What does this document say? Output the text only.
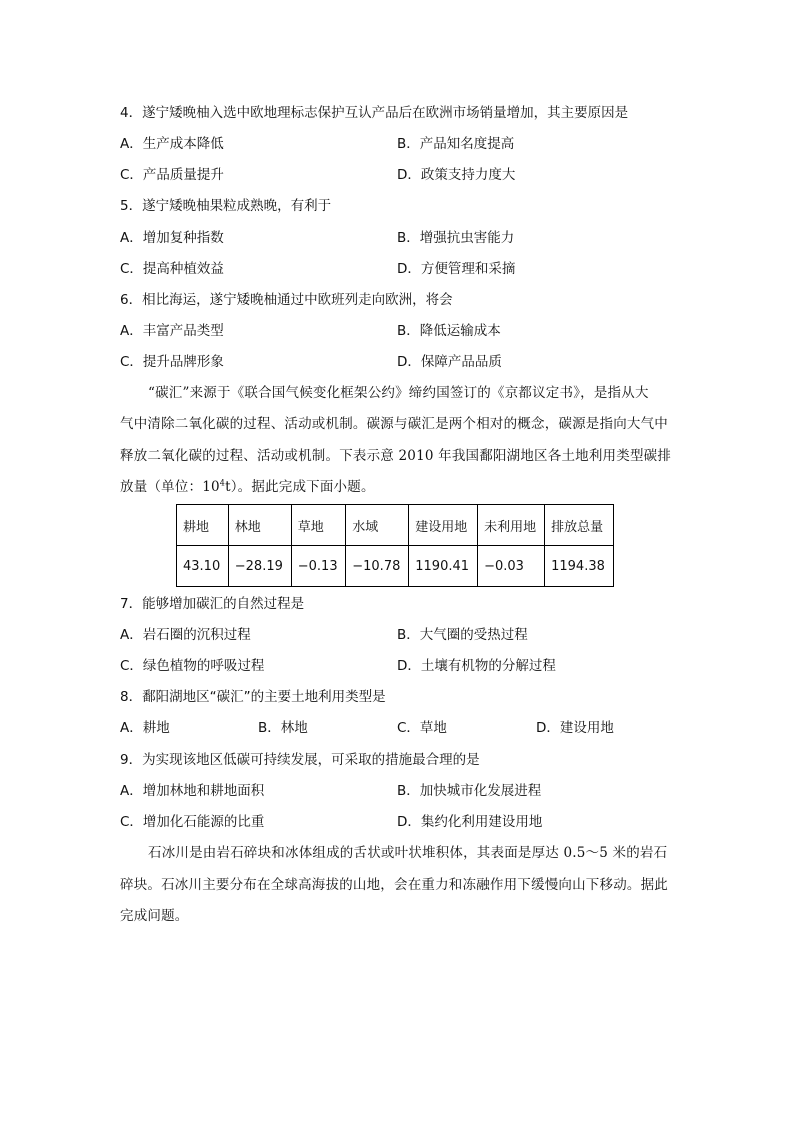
4．遂宁矮晚柚入选中欧地理标志保护互认产品后在欧洲市场销量增加，其主要原因是
A．生产成本降低	B．产品知名度提高
C．产品质量提升	D．政策支持力度大
5．遂宁矮晚柚果粒成熟晚，有利于
A．增加复种指数	B．增强抗虫害能力
C．提高种植效益	D．方便管理和采摘
6．相比海运，遂宁矮晚柚通过中欧班列走向欧洲，将会
A．丰富产品类型	B．降低运输成本
C．提升品牌形象	D．保障产品品质
“碳汇”来源于《联合国气候变化框架公约》缔约国签订的《京都议定书》，是指从大
气中清除二氧化碳的过程、活动或机制。碳源与碳汇是两个相对的概念，碳源是指向大气中
释放二氧化碳的过程、活动或机制。下表示意 2010 年我国鄱阳湖地区各土地利用类型碳排
放量（单位：$10^4t$）。据此完成下面小题。
耕地	林地	草地	水域	建设用地	未利用地	排放总量
43.10	−28.19	−0.13	−10.78	1190.41	−0.03	1194.38
7．能够增加碳汇的自然过程是
A．岩石圈的沉积过程	B．大气圈的受热过程
C．绿色植物的呼吸过程	D．土壤有机物的分解过程
8．鄱阳湖地区“碳汇”的主要土地利用类型是
A．耕地	B．林地	C．草地	D．建设用地
9．为实现该地区低碳可持续发展，可采取的措施最合理的是
A．增加林地和耕地面积	B．加快城市化发展进程
C．增加化石能源的比重	D．集约化利用建设用地
石冰川是由岩石碎块和冰体组成的舌状或叶状堆积体，其表面是厚达 0.5～5 米的岩石
碎块。石冰川主要分布在全球高海拔的山地，会在重力和冻融作用下缓慢向山下移动。据此
完成问题。
